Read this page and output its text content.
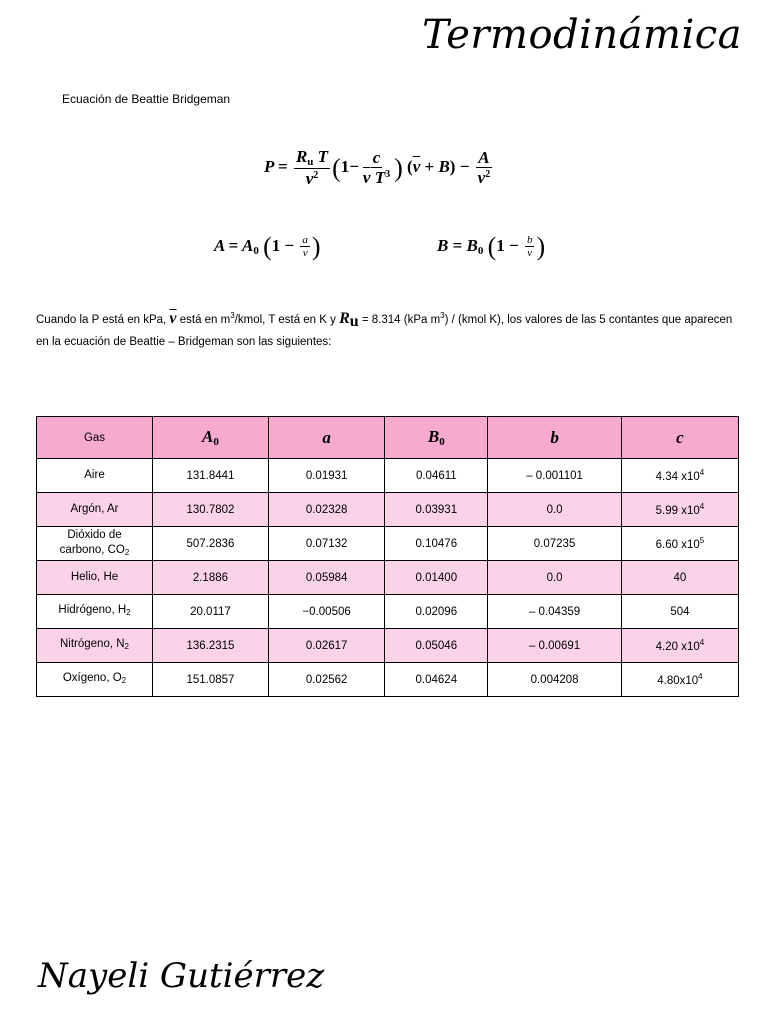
Termodinámica
Ecuación de Beattie Bridgeman
$P = \frac{R_u T}{\overline{v}^2} (1- \frac{c}{\overline{v} T^3}$ ) $(\overline{v} + B) - \frac{A}{\overline{v}^2}$
$A = A_0$ ($1 - \frac{a}{v}$ )	$B = B_0$ ($1 - \frac{b}{v}$ )
Cuando la P está en kPa, $\overline{v}$ está en $m^3$/kmol, T está en K y Ru = 8.314 (kPa $m^3$) / (kmol K), los valores de las 5 contantes que aparecen en la ecuación de Beattie – Bridgeman son las siguientes:
Gas	$A_0$	a	$B_0$	b	c
Aire	131.8441	0.01931	0.04611	– 0.001101	4.34 $x10^4$
Argón, Ar	130.7802	0.02328	0.03931	0.0	5.99 $x10^4$
Dióxido de
carbono, CO2	507.2836	0.07132	0.10476	0.07235	6.60 $x10^5$
Helio, He	2.1886	0.05984	0.01400	0.0	40
Hidrógeno, H2	20.0117	−0.00506	0.02096	– 0.04359	504
Nitrógeno, N2	136.2315	0.02617	0.05046	– 0.00691	4.20 $x10^4$
Oxígeno, O2	151.0857	0.02562	0.04624	0.004208	$4.80x10^4$
Nayeli Gutiérrez
